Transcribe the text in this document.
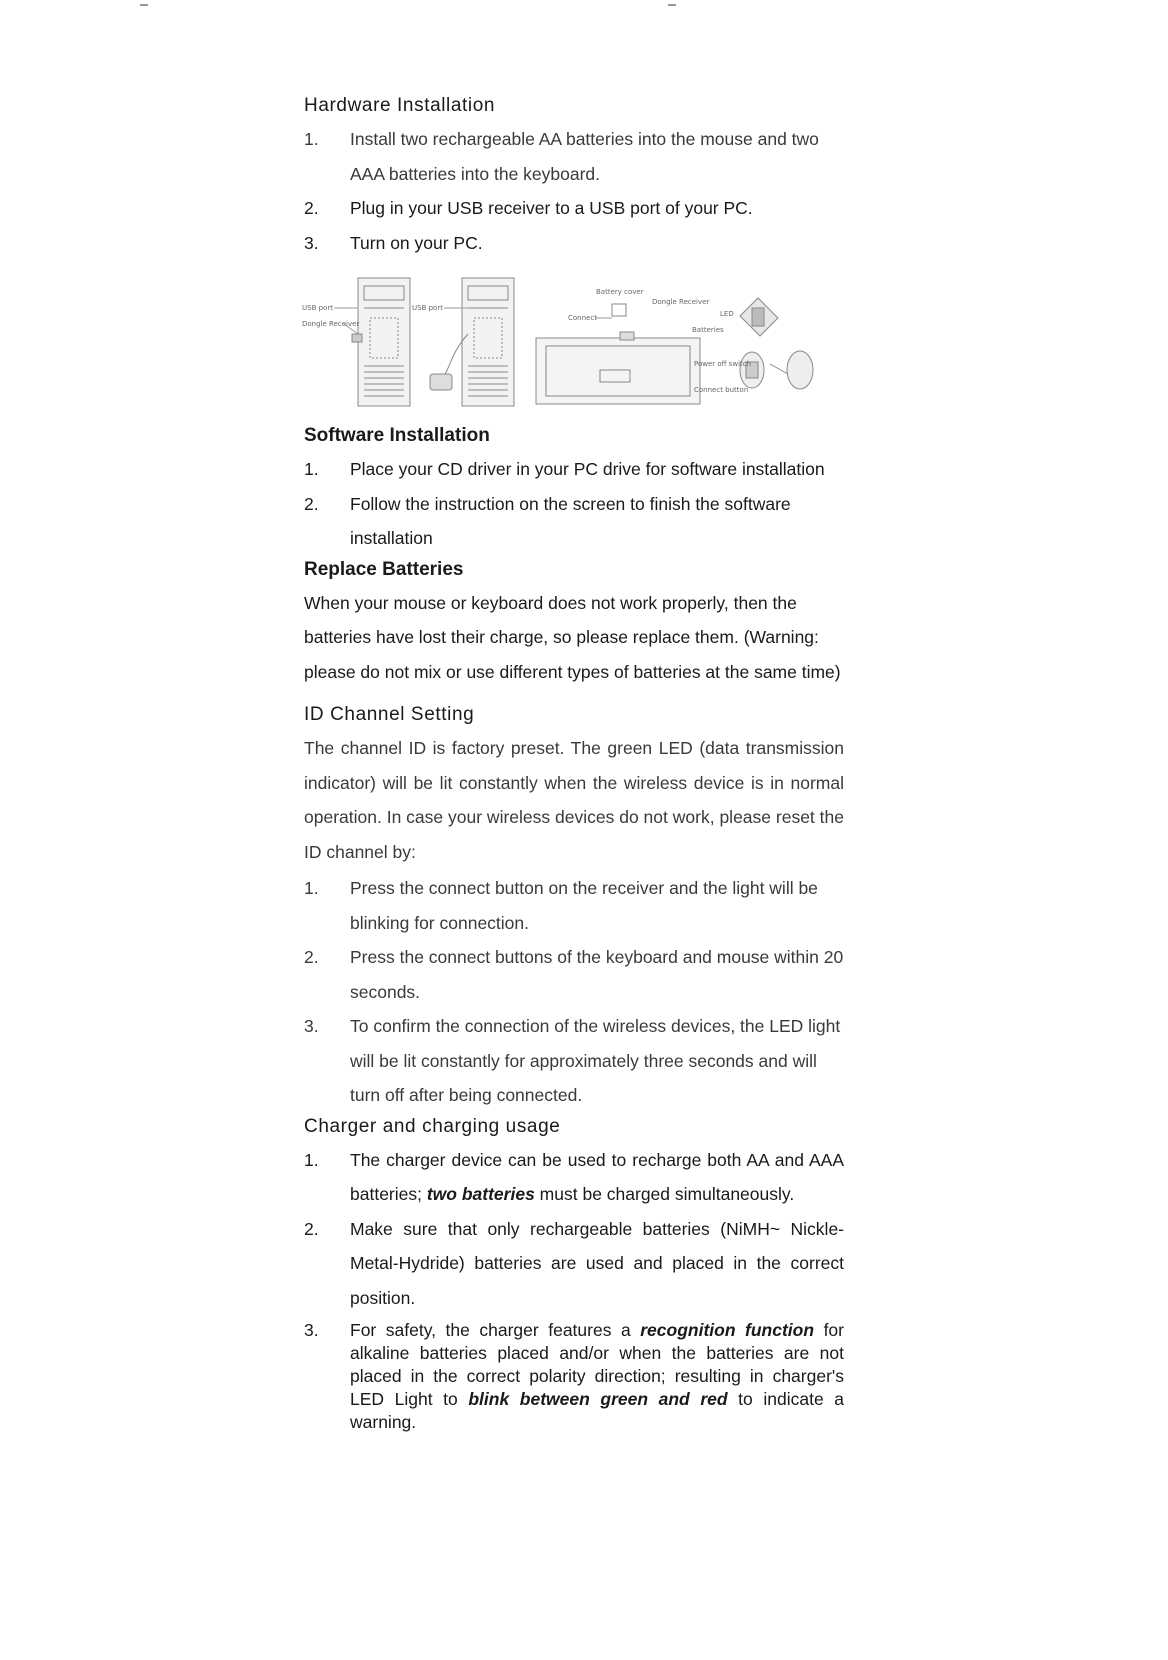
Hardware Installation
1. Install two rechargeable AA batteries into the mouse and two AAA batteries into the keyboard.
2. Plug in your USB receiver to a USB port of your PC.
3. Turn on your PC.
USB port
Dongle Receiver
USB port
Battery cover
Connect
Dongle Receiver
LED
Batteries
Power off switch
Connect button
Software Installation
1. Place your CD driver in your PC drive for software installation
2. Follow the instruction on the screen to finish the software installation
Replace Batteries

When your mouse or keyboard does not work properly, then the batteries have lost their charge, so please replace them. (Warning: please do not mix or use different types of batteries at the same time)

ID Channel Setting

The channel ID is factory preset. The green LED (data transmission indicator) will be lit constantly when the wireless device is in normal operation. In case your wireless devices do not work, please reset the ID channel by:

1. Press the connect button on the receiver and the light will be blinking for connection.
2. Press the connect buttons of the keyboard and mouse within 20 seconds.
3. To confirm the connection of the wireless devices, the LED light will be lit constantly for approximately three seconds and will turn off after being connected.
Charger and charging usage
1. The charger device can be used to recharge both AA and AAA batteries; two batteries must be charged simultaneously.
2. Make sure that only rechargeable batteries (NiMH~ Nickle-Metal-Hydride) batteries are used and placed in the correct position.
3. For safety, the charger features a recognition function for alkaline batteries placed and/or when the batteries are not placed in the correct polarity direction; resulting in charger's LED Light to blink between green and red to indicate a warning.
